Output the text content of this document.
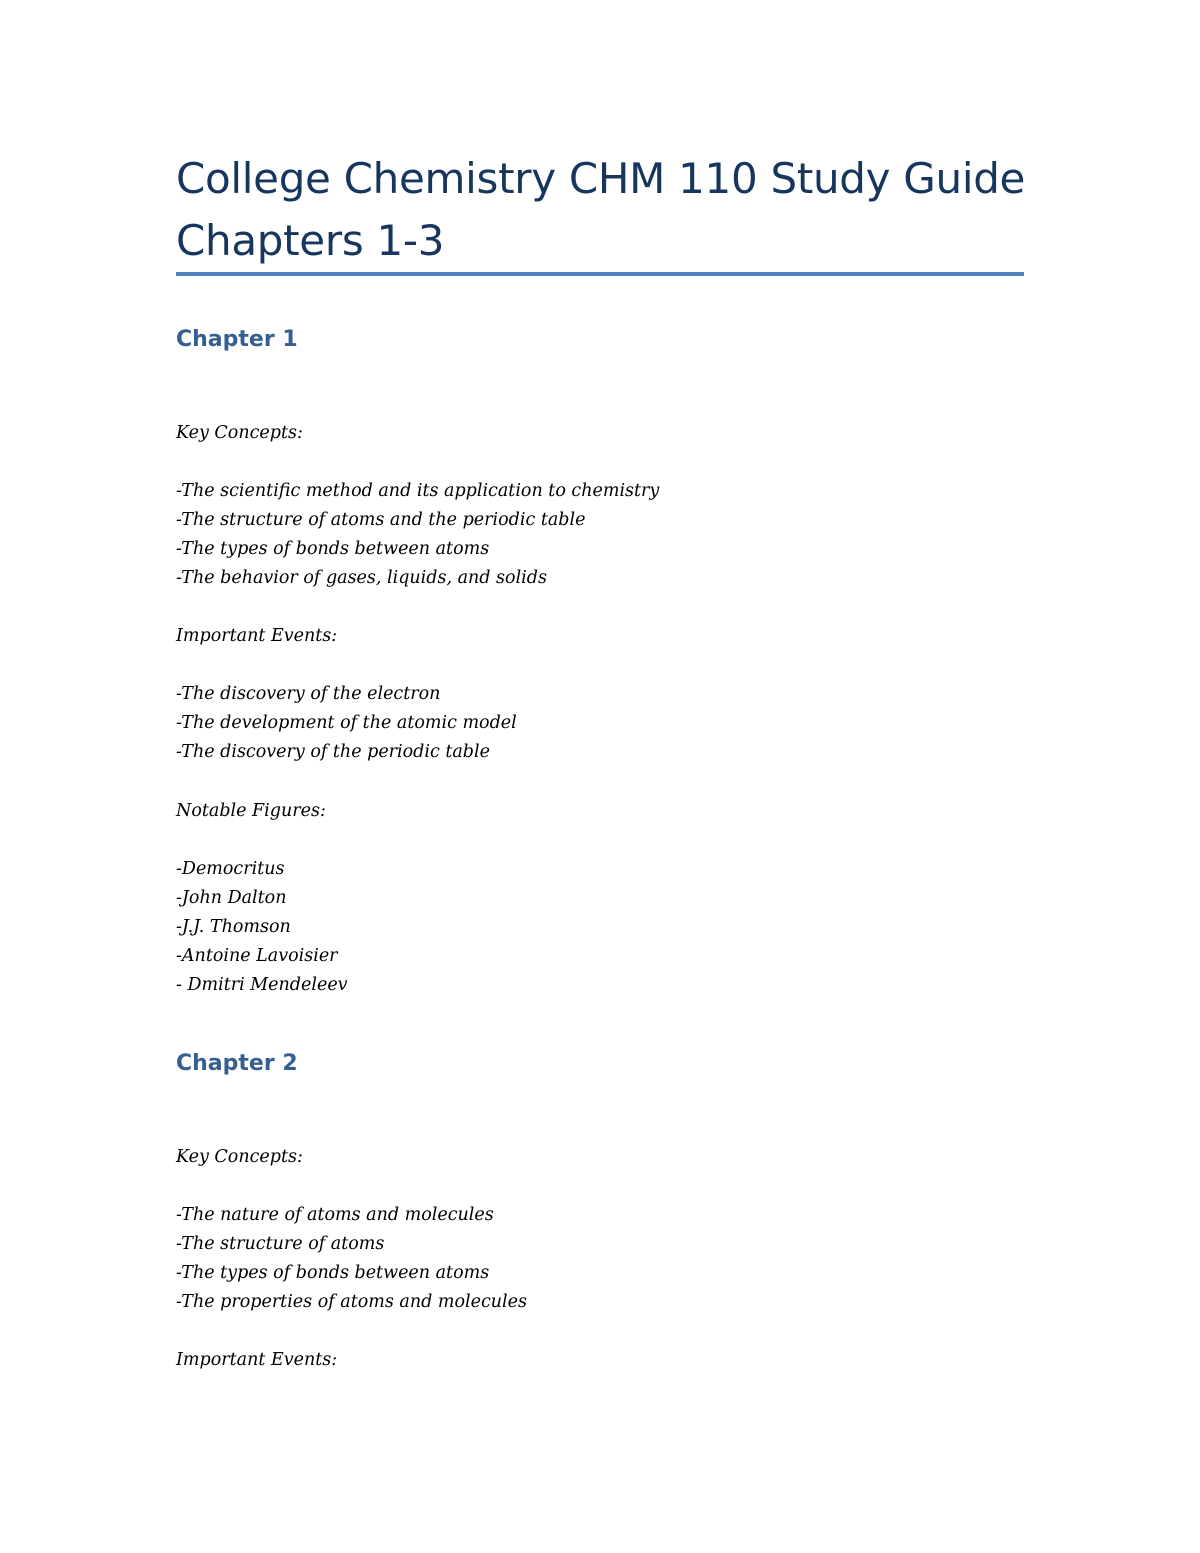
College Chemistry CHM 110 Study Guide Chapters 1-3
Chapter 1

Key Concepts:

-The scientific method and its application to chemistry

-The structure of atoms and the periodic table

-The types of bonds between atoms

-The behavior of gases, liquids, and solids

Important Events:

-The discovery of the electron

-The development of the atomic model

-The discovery of the periodic table

Notable Figures:

-Democritus

-John Dalton

-J.J. Thomson

-Antoine Lavoisier

- Dmitri Mendeleev

Chapter 2

Key Concepts:

-The nature of atoms and molecules

-The structure of atoms

-The types of bonds between atoms

-The properties of atoms and molecules

Important Events:
